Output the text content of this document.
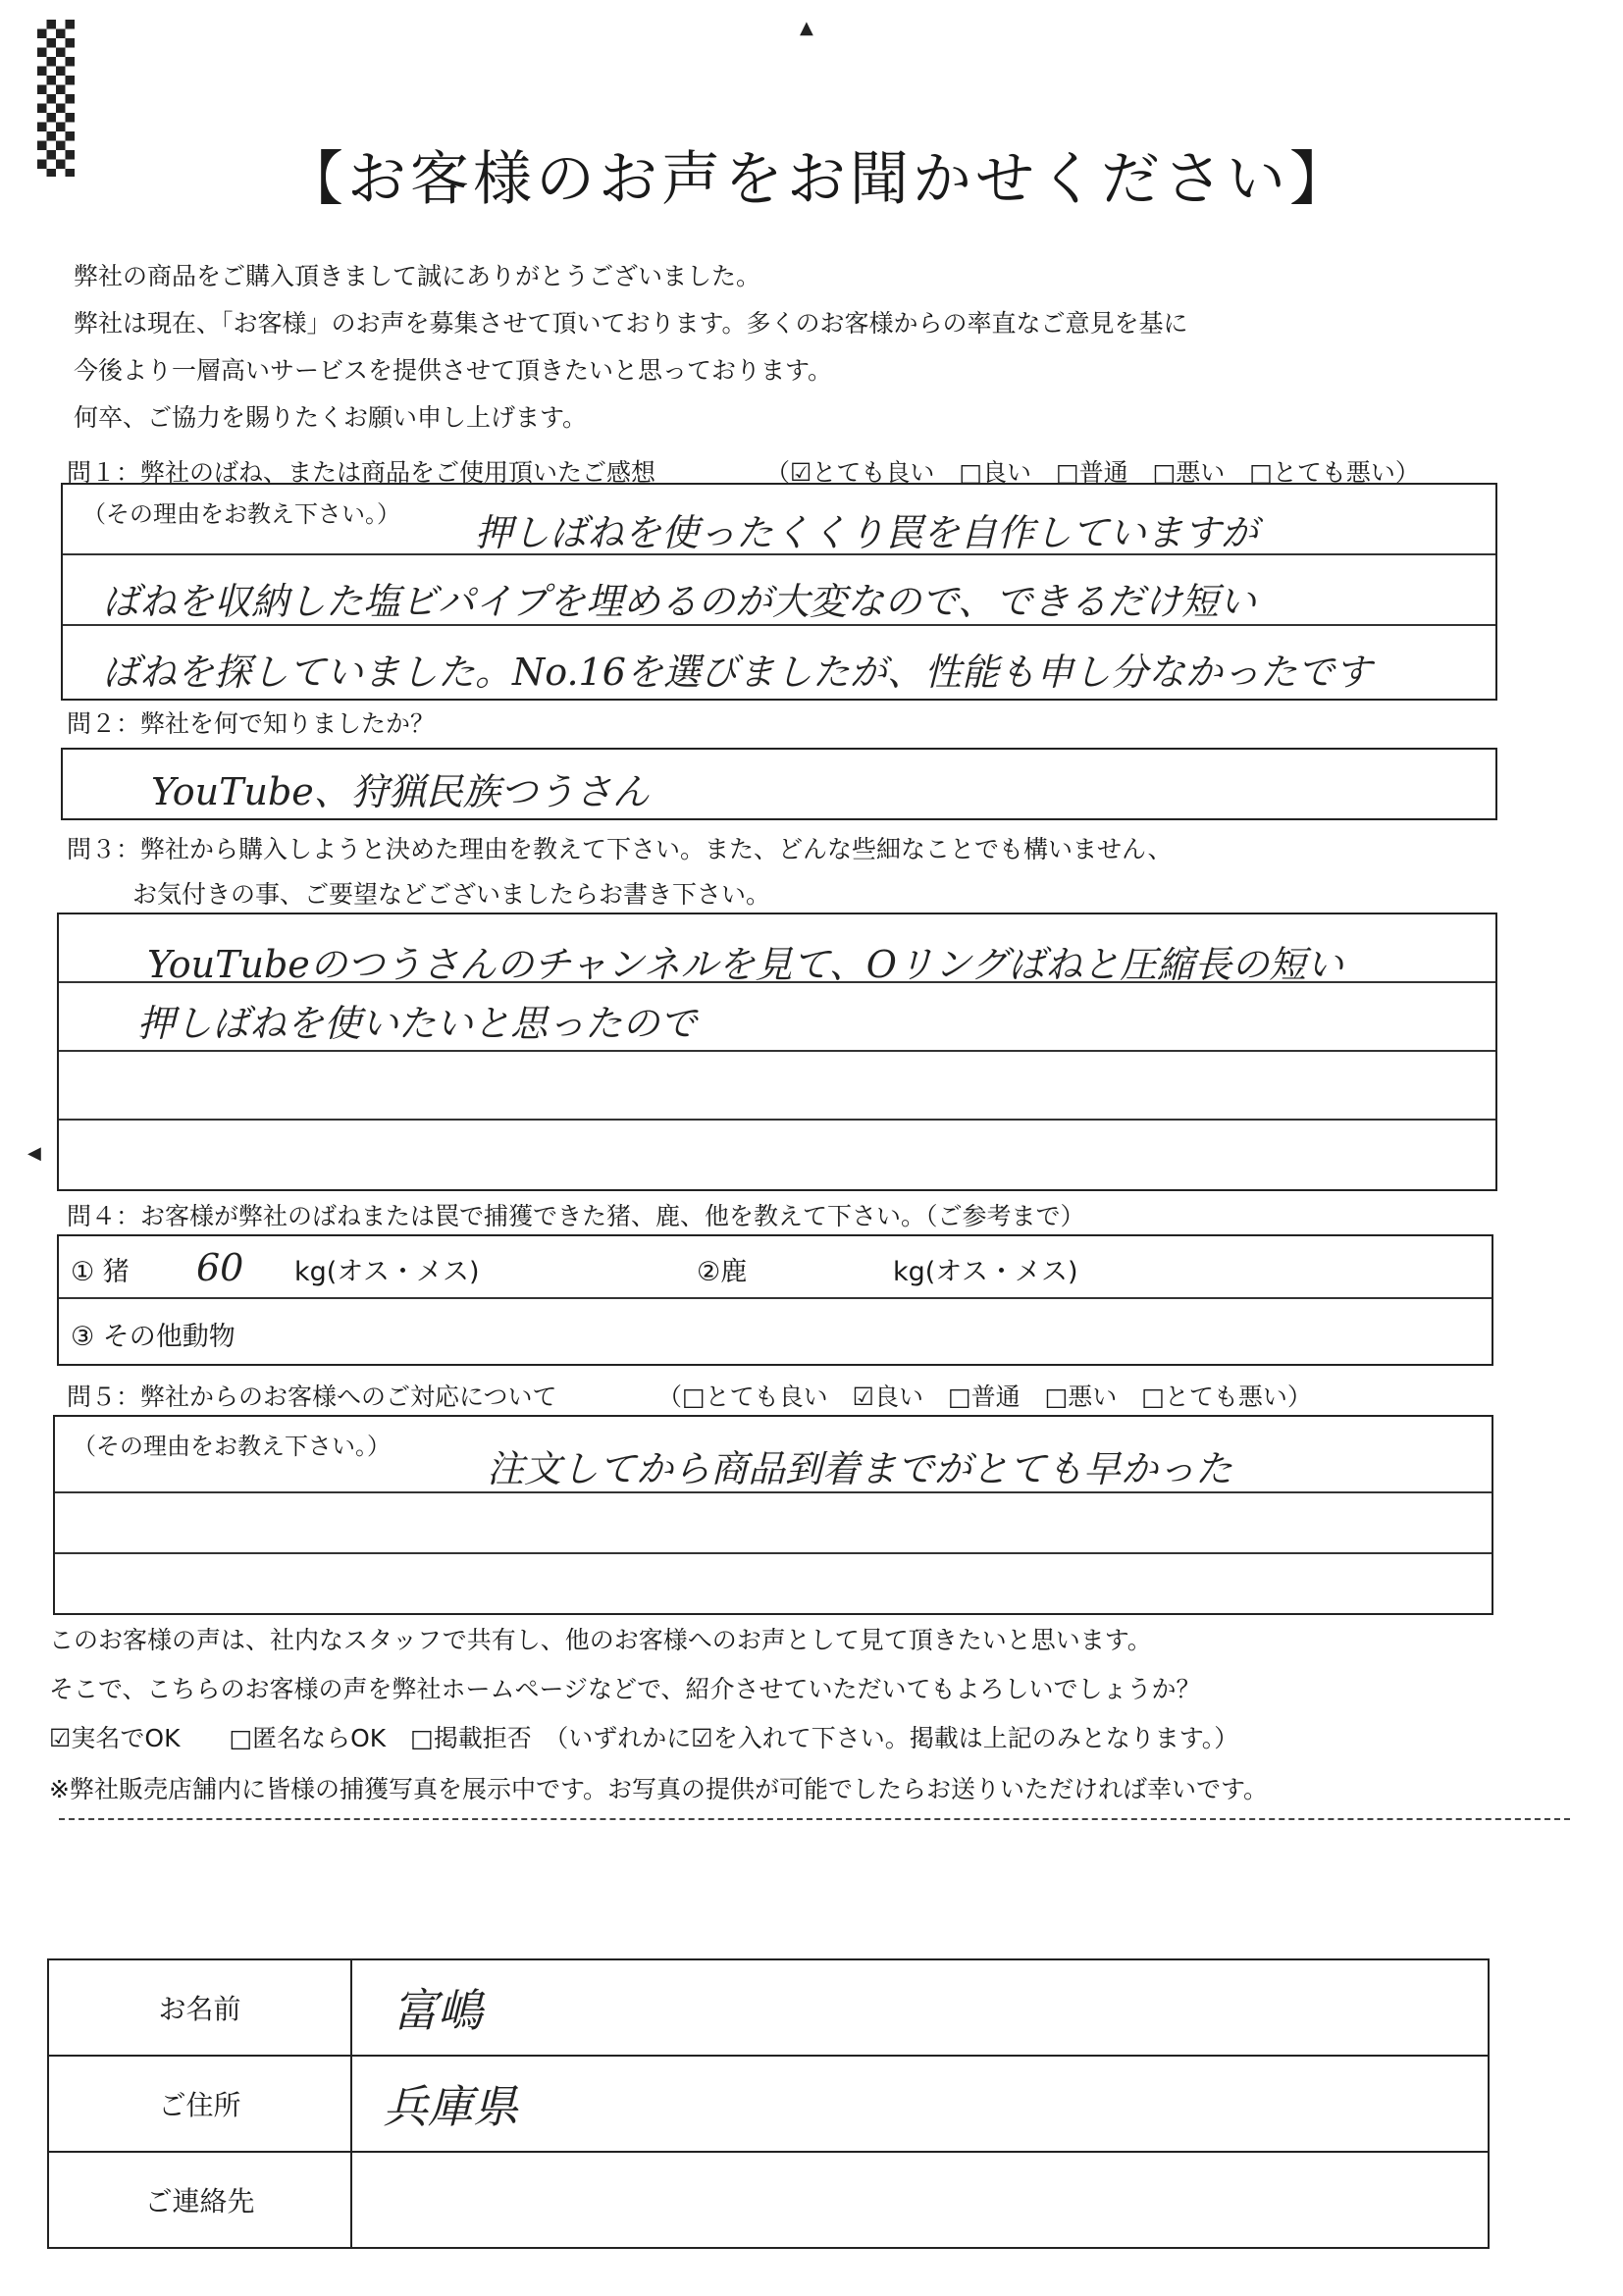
▲
◀
【お客様のお声をお聞かせください】
弊社の商品をご購入頂きまして誠にありがとうございました。
弊社は現在、「お客様」のお声を募集させて頂いております。多くのお客様からの率直なご意見を基に
今後より一層高いサービスを提供させて頂きたいと思っております。
何卒、ご協力を賜りたくお願い申し上げます。
問１：弊社のばね、または商品をご使用頂いたご感想	（☑とても良い　□良い　□普通　□悪い　□とても悪い）
（その理由をお教え下さい。） 押しばねを使ったくくり罠を自作していますが
ばねを収納した塩ビパイプを埋めるのが大変なので、できるだけ短い
ばねを探していました。No.16を選びましたが、性能も申し分なかったです
問２：弊社を何で知りましたか？
YouTube、狩猟民族つうさん
問３：弊社から購入しようと決めた理由を教えて下さい。また、どんな些細なことでも構いません、
お気付きの事、ご要望などございましたらお書き下さい。
YouTubeのつうさんのチャンネルを見て、Oリングばねと圧縮長の短い
押しばねを使いたいと思ったので
問４：お客様が弊社のばねまたは罠で捕獲できた猪、鹿、他を教えて下さい。（ご参考まで）
① 猪 60 kg(オス・メス)	②鹿	kg(オス・メス)
③ その他動物
問５：弊社からのお客様へのご対応について	（□とても良い　☑良い　□普通　□悪い　□とても悪い）
（その理由をお教え下さい。）
注文してから商品到着までがとても早かった
このお客様の声は、社内なスタッフで共有し、他のお客様へのお声として見て頂きたいと思います。
そこで、こちらのお客様の声を弊社ホームページなどで、紹介させていただいてもよろしいでしょうか？
☑実名でOK　　□匿名ならOK　□掲載拒否　（いずれかに☑を入れて下さい。掲載は上記のみとなります。）
※弊社販売店舗内に皆様の捕獲写真を展示中です。お写真の提供が可能でしたらお送りいただければ幸いです。
お名前	富嶋
ご住所	兵庫県
ご連絡先	
